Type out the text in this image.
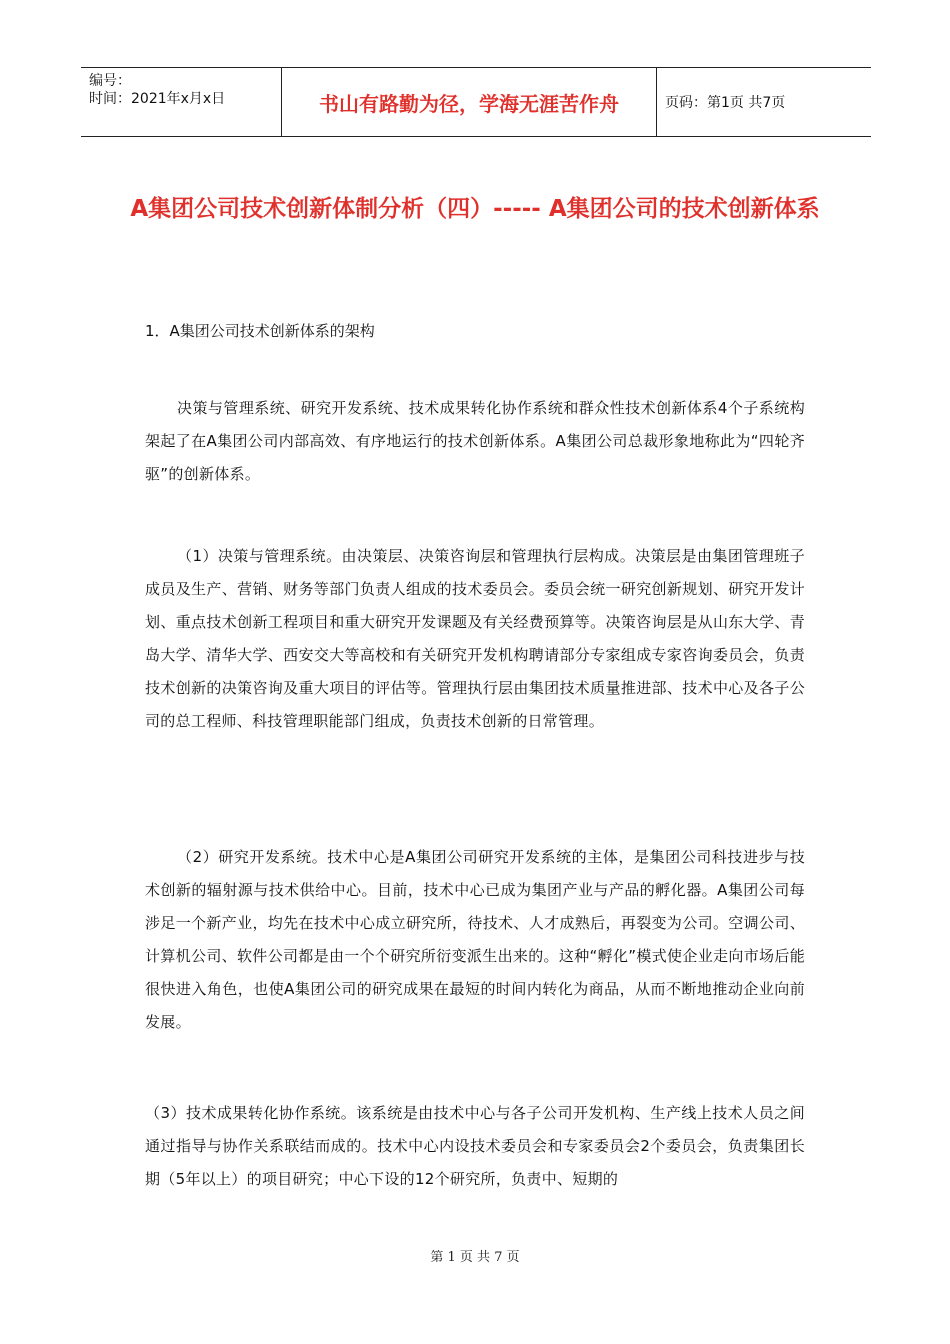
编号：
时间：2021年x月x日	书山有路勤为径，学海无涯苦作舟	页码：第1页 共7页
A集团公司技术创新体制分析（四）----- A集团公司的技术创新体系

1．A集团公司技术创新体系的架构

决策与管理系统、研究开发系统、技术成果转化协作系统和群众性技术创新体系4个子系统构架起了在A集团公司内部高效、有序地运行的技术创新体系。A集团公司总裁形象地称此为“四轮齐驱”的创新体系。

（1）决策与管理系统。由决策层、决策咨询层和管理执行层构成。决策层是由集团管理班子成员及生产、营销、财务等部门负责人组成的技术委员会。委员会统一研究创新规划、研究开发计划、重点技术创新工程项目和重大研究开发课题及有关经费预算等。决策咨询层是从山东大学、青岛大学、清华大学、西安交大等高校和有关研究开发机构聘请部分专家组成专家咨询委员会，负责技术创新的决策咨询及重大项目的评估等。管理执行层由集团技术质量推进部、技术中心及各子公司的总工程师、科技管理职能部门组成，负责技术创新的日常管理。

（2）研究开发系统。技术中心是A集团公司研究开发系统的主体，是集团公司科技进步与技术创新的辐射源与技术供给中心。目前，技术中心已成为集团产业与产品的孵化器。A集团公司每涉足一个新产业，均先在技术中心成立研究所，待技术、人才成熟后，再裂变为公司。空调公司、计算机公司、软件公司都是由一个个研究所衍变派生出来的。这种“孵化”模式使企业走向市场后能很快进入角色，也使A集团公司的研究成果在最短的时间内转化为商品，从而不断地推动企业向前发展。

（3）技术成果转化协作系统。该系统是由技术中心与各子公司开发机构、生产线上技术人员之间通过指导与协作关系联结而成的。技术中心内设技术委员会和专家委员会2个委员会，负责集团长期（5年以上）的项目研究；中心下设的12个研究所，负责中、短期的

第 1 页 共 7 页
